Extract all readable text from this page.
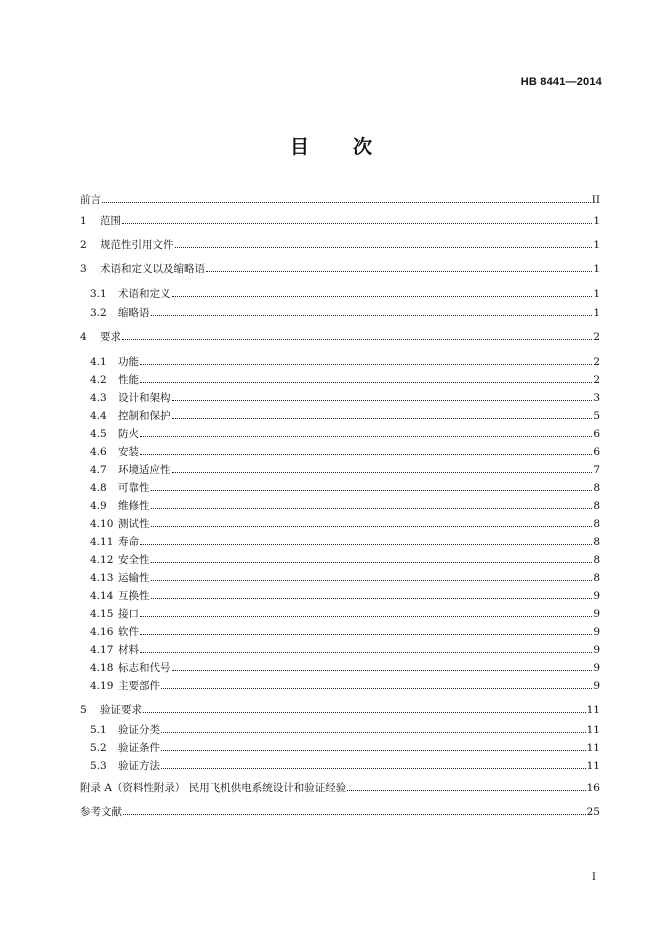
HB 8441—2014
目 次
前言	II
1	范围	1
2	规范性引用文件	1
3	术语和定义以及缩略语	1
3.1	术语和定义	1
3.2	缩略语	1
4	要求	2
4.1	功能	2
4.2	性能	2
4.3	设计和架构	3
4.4	控制和保护	5
4.5	防火	6
4.6	安装	6
4.7	环境适应性	7
4.8	可靠性	8
4.9	维修性	8
4.10 测试性	8
4.11 寿命	8
4.12 安全性	8
4.13 运输性	8
4.14 互换性	9
4.15 接口	9
4.16 软件	9
4.17 材料	9
4.18 标志和代号	9
4.19 主要部件	9
5	验证要求	11
5.1	验证分类	11
5.2	验证条件	11
5.3	验证方法	11
附录 A（资料性附录） 民用飞机供电系统设计和验证经验	16
参考文献	25
I
